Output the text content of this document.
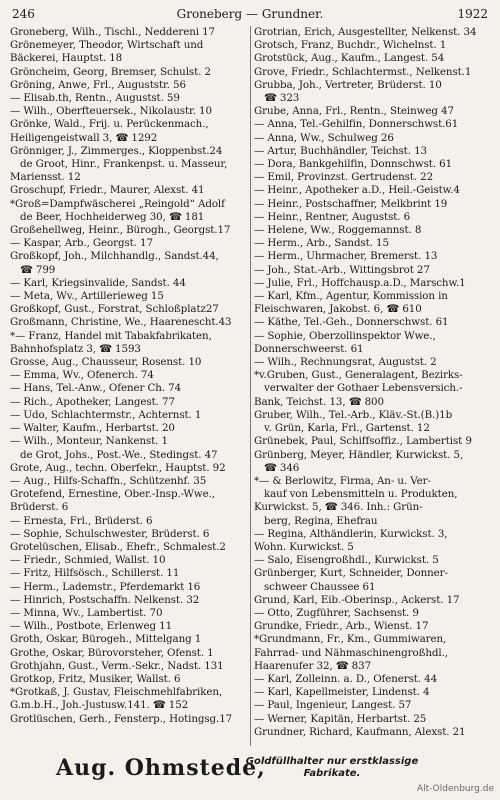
246	Groneberg — Grundner.	1922

Groneberg, Wilh., Tischl., Neddereni 17

Grönemeyer, Theodor, Wirtschaft und

Bäckerei, Hauptst. 18

Gröncheim, Georg, Bremser, Schulst. 2

Gröning, Anwe, Frl., Auguststr. 56

— Elisab.th, Rentn., Augustst. 59

— Wilh., Oberfteuersek., Nikolaustr. 10

Grönke, Wald., Frij. u. Perückenmach.,

Heiligengeistwall 3, ☎ 1292

Grönniger, J., Zimmerges., Kloppenbst.24

de Groot, Hinr., Frankenpst. u. Masseur,

Mariensst. 12

Groschupf, Friedr., Maurer, Alexst. 41

*Groß=Dampfwäscherei „Reingold“ Adolf

de Beer, Hochheiderweg 30, ☎ 181

Großehellweg, Heinr., Bürogh., Georgst.17

— Kaspar, Arb., Georgst. 17

Großkopf, Joh., Milchhandlg., Sandst.44,

☎ 799

— Karl, Kriegsinvalide, Sandst. 44

— Meta, Wv., Artillerieweg 15

Großkopf, Gust., Forstrat, Schloßplatz27

Großmann, Christine, We., Haarenescht.43

*— Franz, Handel mit Tabakfabrikaten,

Bahnhofsplatz 3, ☎ 1593

Grosse, Aug., Chausseur, Rosenst. 10

— Emma, Wv., Ofenerch. 74

— Hans, Tel.-Anw., Ofener Ch. 74

— Rich., Apotheker, Langest. 77

— Udo, Schlachtermstr., Achternst. 1

— Walter, Kaufm., Herbartst. 20

— Wilh., Monteur, Nankenst. 1

de Grot, Johs., Post.-We., Stedingst. 47

Grote, Aug., techn. Oberfekr., Hauptst. 92

— Aug., Hilfs-Schaffn., Schützenhf. 35

Grotefend, Ernestine, Ober.-Insp.-Wwe.,

Brüderst. 6

— Ernesta, Frl., Brüderst. 6

— Sophie, Schulschwester, Brüderst. 6

Grotelüschen, Elisab., Ehefr., Schmalest.2

— Friedr., Schmied, Wallst. 10

— Fritz, Hilfsösch., Schillerst. 11

— Herm., Lademstr., Pferdemarkt 16

— Hinrich, Postschaffn. Nelkenst. 32

— Minna, Wv., Lambertist. 70

— Wilh., Postbote, Erlenweg 11

Groth, Oskar, Bürogeh., Mittelgang 1

Grothe, Oskar, Bürovorsteher, Ofenst. 1

Grothjahn, Gust., Verm.-Sekr., Nadst. 131

Grotkop, Fritz, Musiker, Wallst. 6

*Grotkaß, J. Gustav, Fleischmehlfabriken,

G.m.b.H., Joh.-Justusw.141. ☎ 152

Grotlüschen, Gerh., Fensterp., Hotingsg.17

Grotrian, Erich, Ausgestellter, Nelkenst. 34

Grotsch, Franz, Buchdr., Wichelnst. 1

Grotstück, Aug., Kaufm., Langest. 54

Grove, Friedr., Schlachtermst., Nelkenst.1

Grubba, Joh., Vertreter, Brüderst. 10

☎ 323

Grube, Anna, Frl., Rentn., Steinweg 47

— Anna, Tel.-Gehilfin, Donnerschwst.61

— Anna, Ww., Schulweg 26

— Artur, Buchhändler, Teichst. 13

— Dora, Bankgehilfin, Donnschwst. 61

— Emil, Provinzst. Gertrudenst. 22

— Heinr., Apotheker a.D., Heil.-Geistw.4

— Heinr., Postschaffner, Melkbrint 19

— Heinr., Rentner, Augustst. 6

— Helene, Ww., Roggemannst. 8

— Herm., Arb., Sandst. 15

— Herm., Uhrmacher, Bremerst. 13

— Joh., Stat.-Arb., Wittingsbrot 27

— Julie, Frl., Hoffchausp.a.D., Marschw.1

— Karl, Kfm., Agentur, Kommission in

Fleischwaren, Jakobst. 6, ☎ 610

— Käthe, Tel.-Geh., Donnerschwst. 61

— Sophie, Oberzollinspektor Wwe.,

Donnerschweerst. 61

— Wilh., Rechnungsrat, Augustst. 2

*v.Gruben, Gust., Generalagent, Bezirks-

verwalter der Gothaer Lebensversich.-

Bank, Teichst. 13, ☎ 800

Gruber, Wilh., Tel.-Arb., Kläv.-St.(B.)1b

v. Grün, Karla, Frl., Gartenst. 12

Grünebek, Paul, Schiffsoffiz., Lambertist 9

Grünberg, Meyer, Händler, Kurwickst. 5,

☎ 346

*— & Berlowitz, Firma, An- u. Ver-

kauf von Lebensmitteln u. Produkten,

Kurwickst. 5, ☎ 346. Inh.: Grün-

berg, Regina, Ehefrau

— Regina, Althändlerin, Kurwickst. 3,

Wohn. Kurwickst. 5

— Salo, Eisengroßhdl., Kurwickst. 5

Grünberger, Kurt, Schneider, Donner-

schweer Chaussee 61

Grund, Karl, Eib.-Oberinsp., Ackerst. 17

— Otto, Zugführer, Sachsenst. 9

Grundke, Friedr., Arb., Wienst. 17

*Grundmann, Fr., Km., Gummiwaren,

Fahrrad- und Nähmaschinengroßhdl.,

Haarenufer 32, ☎ 837

— Karl, Zolleinn. a. D., Ofenerst. 44

— Karl, Kapellmeister, Lindenst. 4

— Paul, Ingenieur, Langest. 57

— Werner, Kapitän, Herbartst. 25

Grundner, Richard, Kaufmann, Alexst. 21

Aug. Ohmstede,
Goldfüllhalter nur erstklassige
Fabrikate.
Alt-Oldenburg.de
